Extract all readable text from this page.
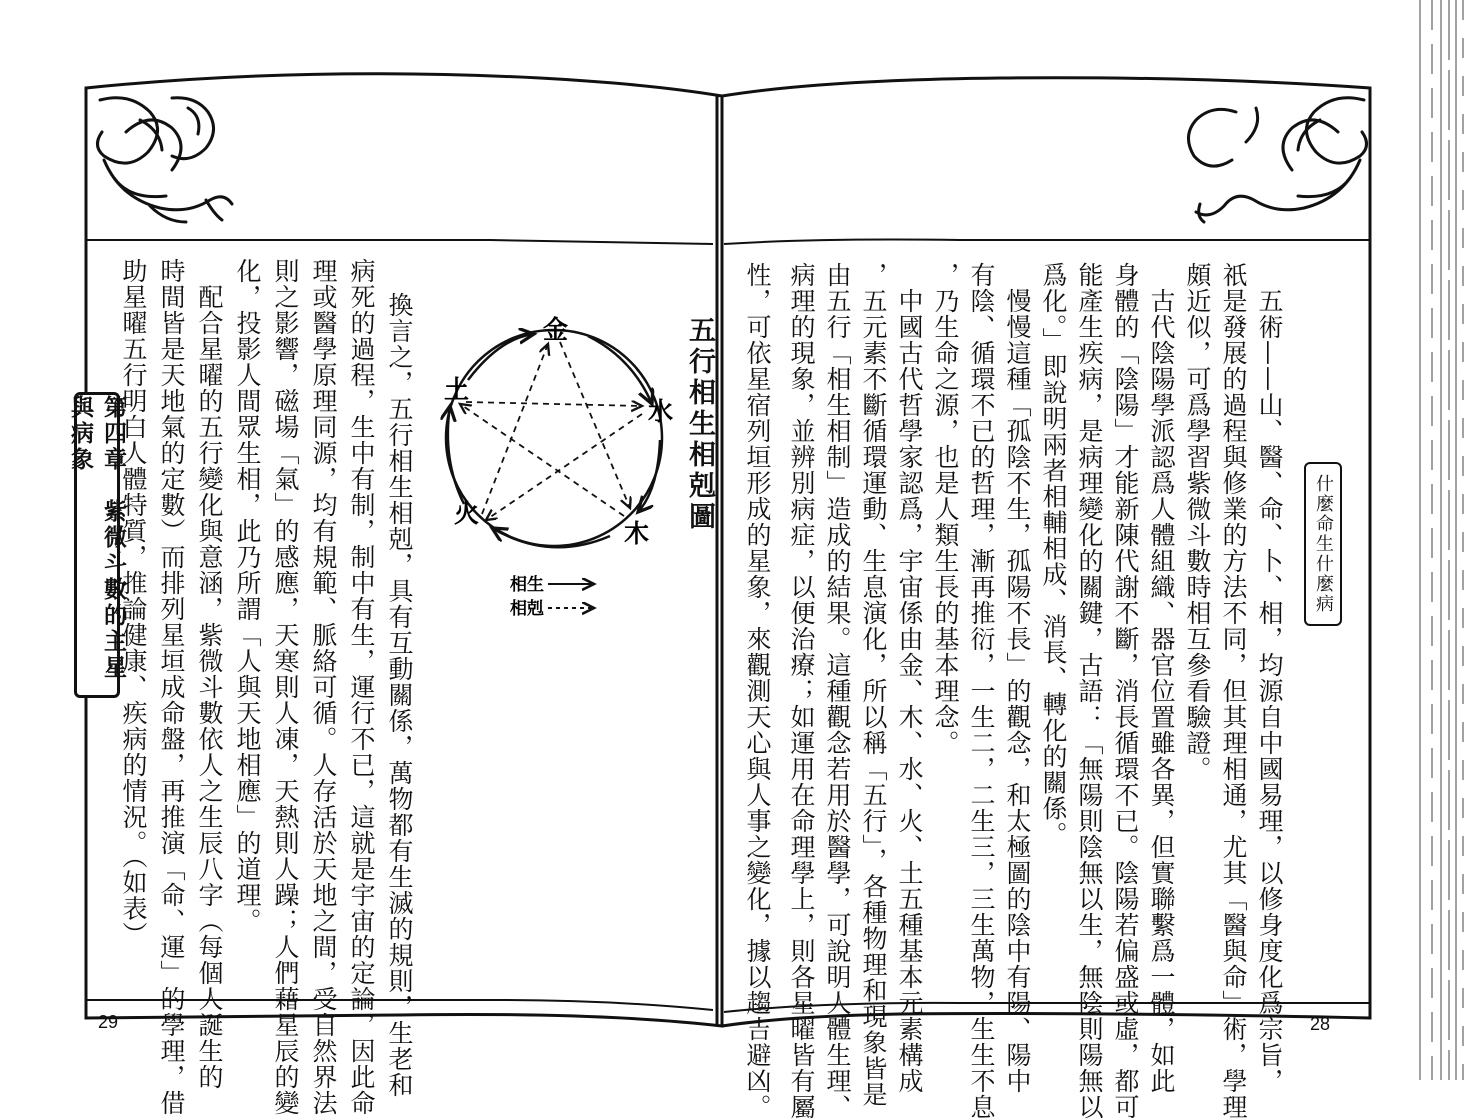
第四章　紫微斗數的主星與病象	換言之，五行相生相剋，具有互動關係，萬物都有生滅的規則，生老和
病死的過程，生中有制，制中有生，運行不已，這就是宇宙的定論，因此命
理或醫學原理同源，均有規範、脈絡可循。人存活於天地之間，受自然界法
則之影響，磁場「氣」的感應，天寒則人凍，天熱則人躁；人們藉星辰的變
化，投影人間眾生相，此乃所謂「人與天地相應」的道理。
　配合星曜的五行變化與意涵，紫微斗數依人之生辰八字（每個人誕生的
時間皆是天地氣的定數）而排列星垣成命盤，再推演「命、運」的學理，借
助星曜五行明白人體特質，推論健康、疾病的情況。（如表）	五行相生相剋圖
金
水
木
火
土
相生
相剋
29
什麼命生什麼病
　五術——山、醫、命、卜、相，均源自中國易理，以修身度化爲宗旨，
祇是發展的過程與修業的方法不同，但其理相通，尤其「醫與命」術，學理
頗近似，可爲學習紫微斗數時相互參看驗證。
　古代陰陽學派認爲人體組織、器官位置雖各異，但實聯繫爲一體，如此
身體的「陰陽」才能新陳代謝不斷，消長循環不已。陰陽若偏盛或虛，都可
能產生疾病，是病理變化的關鍵，古語：「無陽則陰無以生，無陰則陽無以
爲化。」即說明兩者相輔相成、消長、轉化的關係。
　慢慢這種「孤陰不生，孤陽不長」的觀念，和太極圖的陰中有陽、陽中
有陰、循環不已的哲理，漸再推衍，一生二，二生三，三生萬物，生生不息
，乃生命之源，也是人類生長的基本理念。
　中國古代哲學家認爲，宇宙係由金、木、水、火、土五種基本元素構成
，五元素不斷循環運動、生息演化，所以稱「五行」，各種物理和現象皆是
由五行「相生相制」造成的結果。這種觀念若用於醫學，可說明人體生理、
病理的現象，並辨別病症，以便治療；如運用在命理學上，則各星曜皆有屬
性，可依星宿列垣形成的星象，來觀測天心與人事之變化，據以趨吉避凶。	28
